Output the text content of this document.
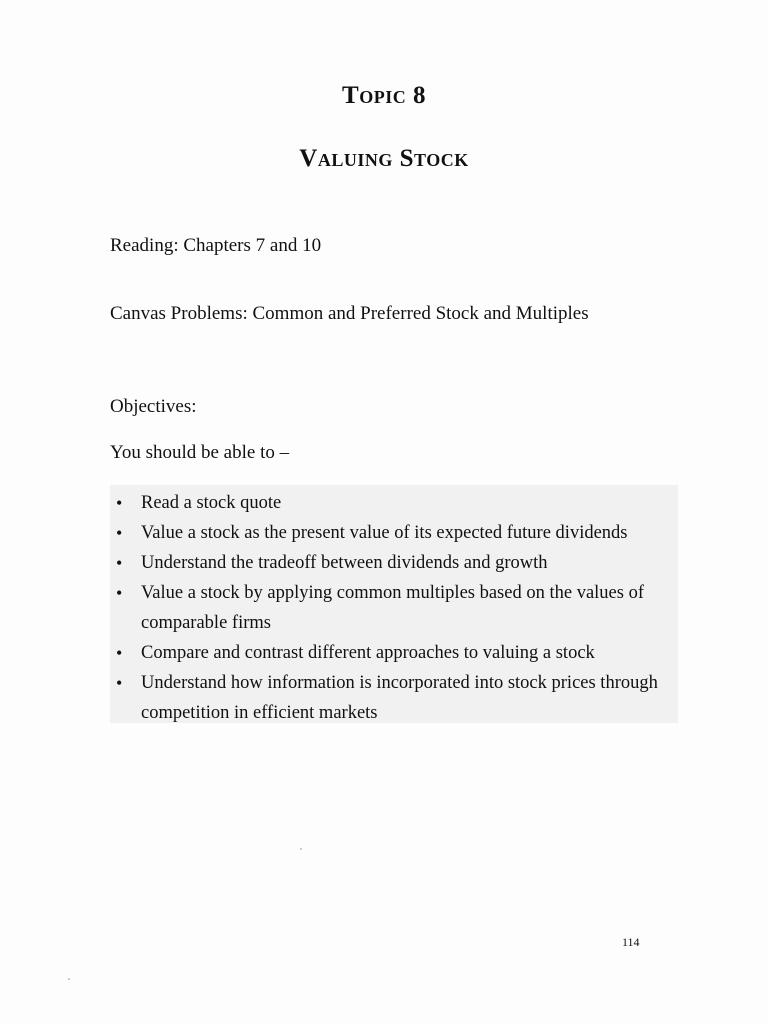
Topic 8
Valuing Stock
Reading: Chapters 7 and 10
Canvas Problems: Common and Preferred Stock and Multiples
Objectives:
You should be able to –
• Read a stock quote
• Value a stock as the present value of its expected future dividends
• Understand the tradeoff between dividends and growth
• Value a stock by applying common multiples based on the values of comparable firms
• Compare and contrast different approaches to valuing a stock
• Understand how information is incorporated into stock prices through competition in efficient markets
114
